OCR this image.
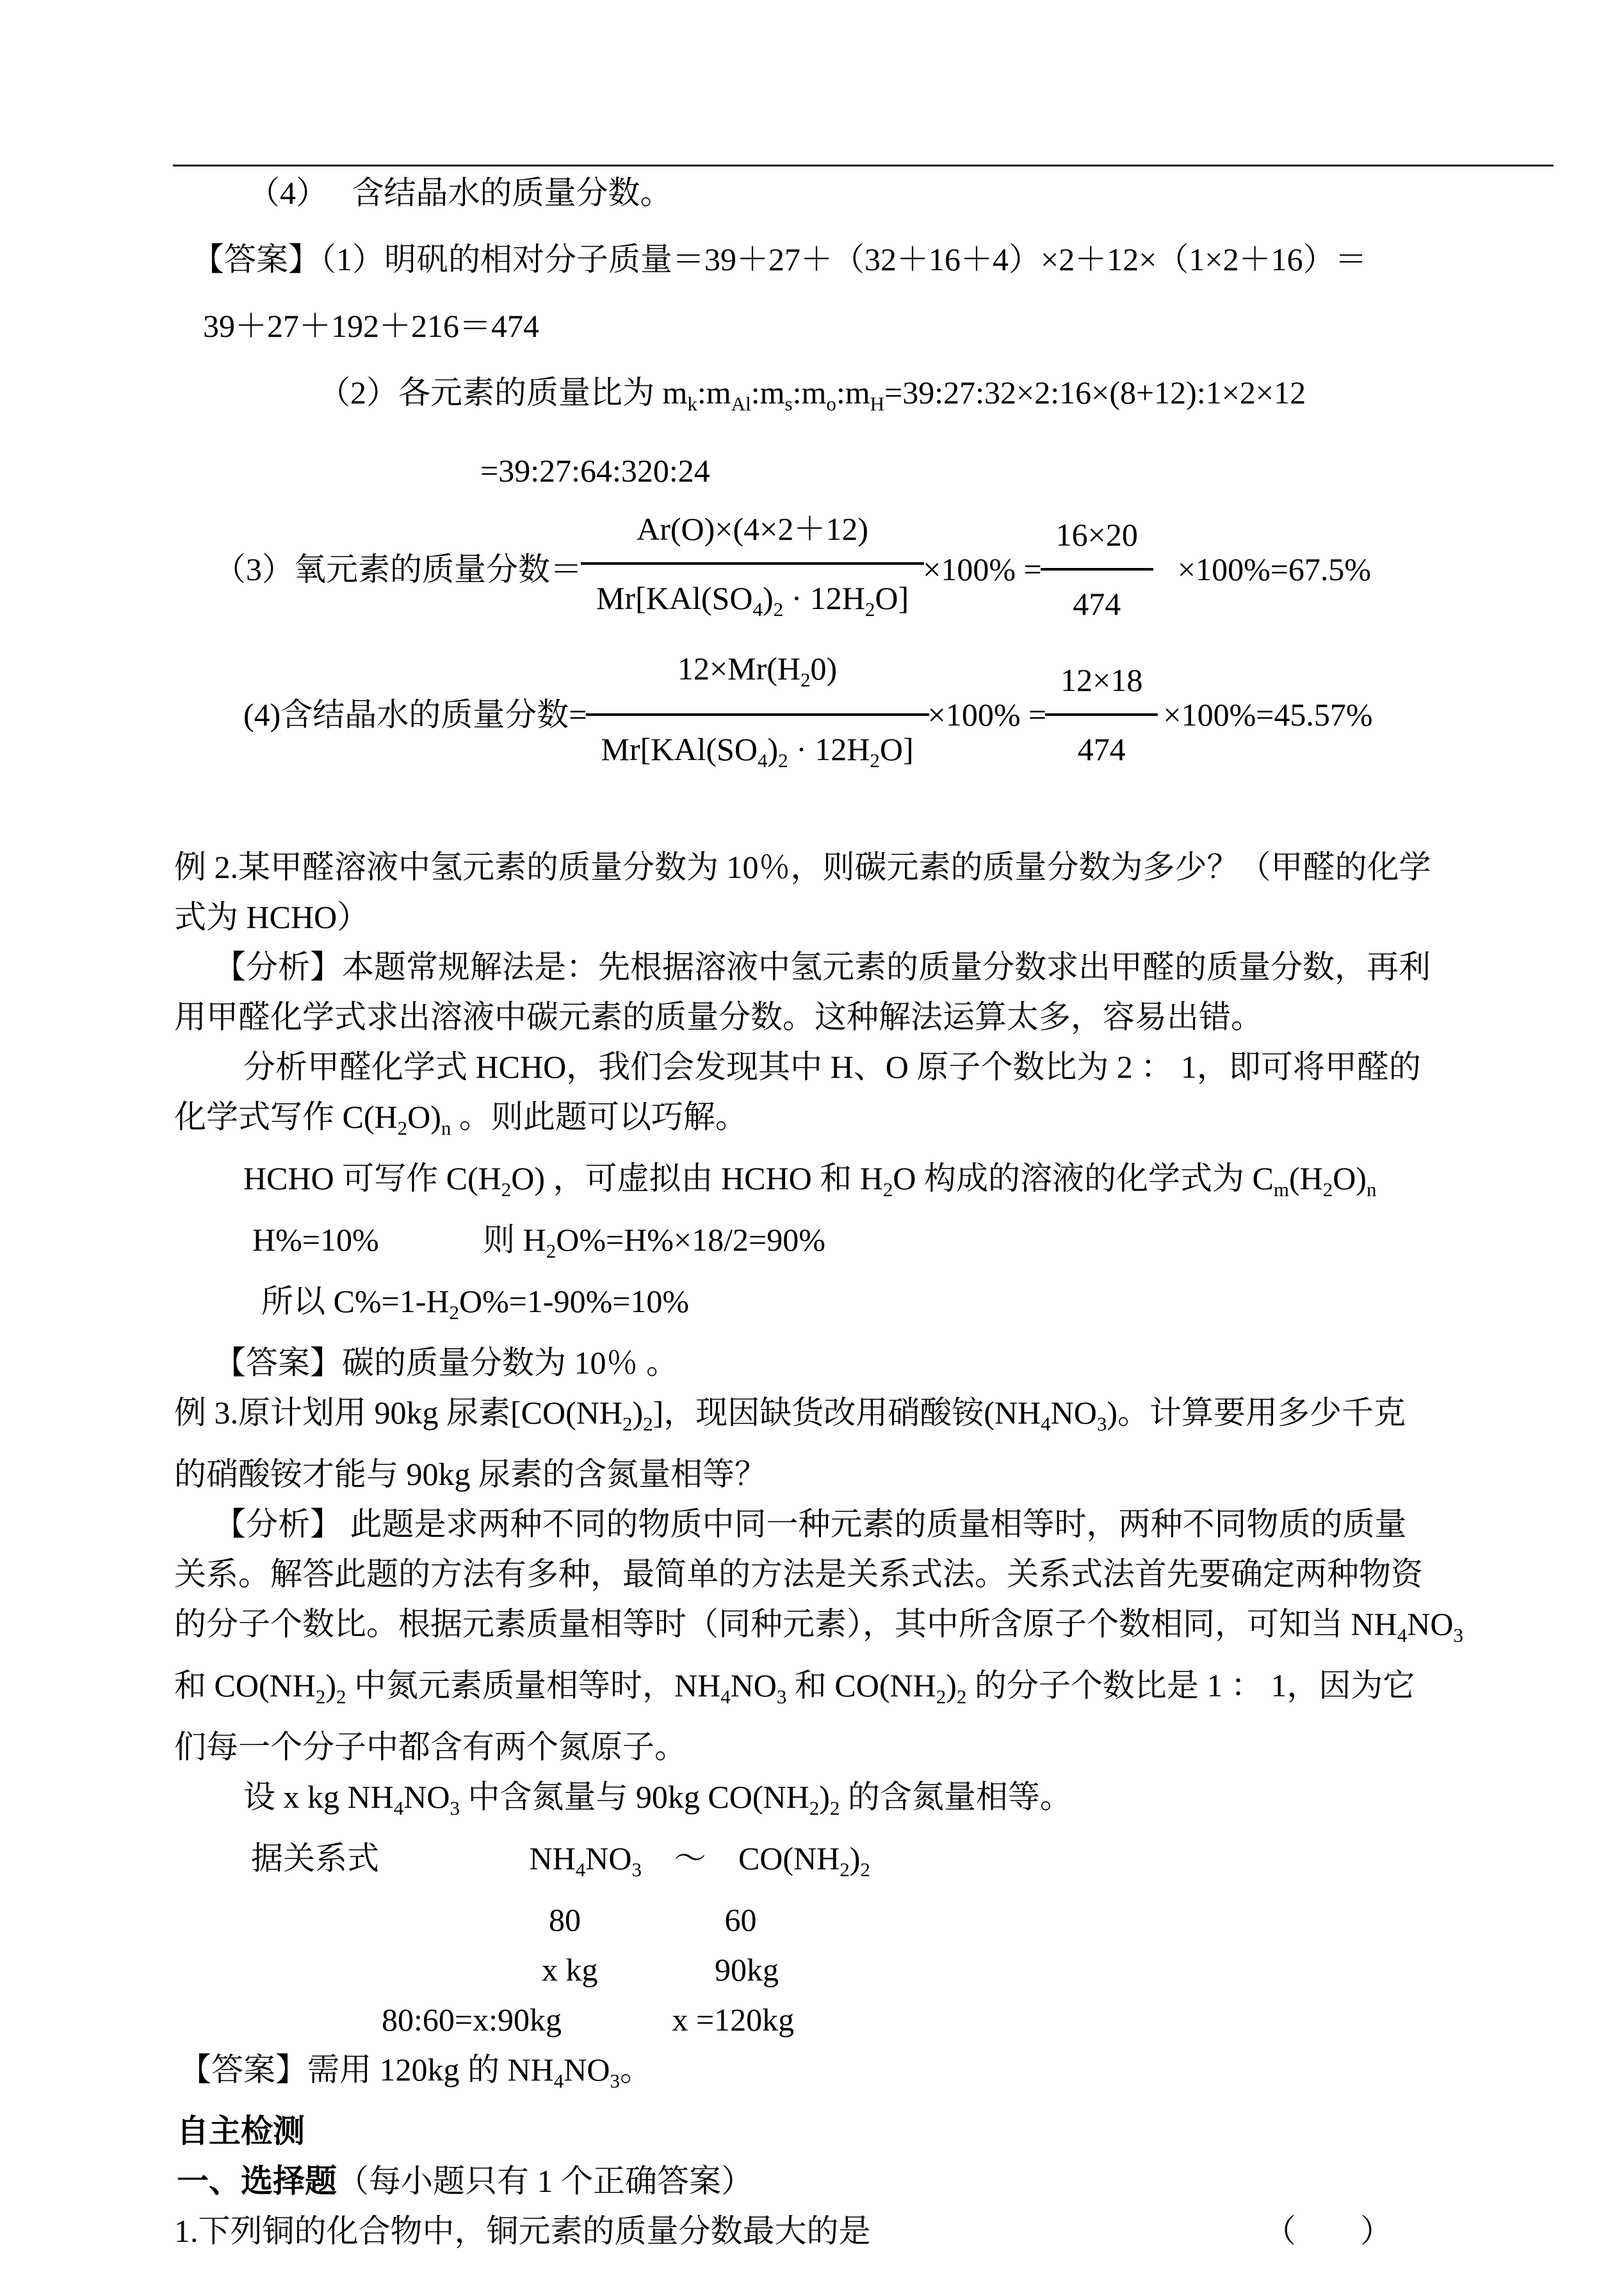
（4）　 含结晶水的质量分数。
【答案】（1）明矾的相对分子质量＝39＋27＋（32＋16＋4）×2＋12×（1×2＋16）＝
39＋27＋192＋216＝474
（2）各元素的质量比为 $m_k:m_{Al}:m_s:m_o:m_H=39:27:32\times 2:16\times(8+12):1\times 2\times 12$
=39:27:64:320:24
（3）氧元素的质量分数＝ $\frac{Ar(O)\times(4\times 2+12)}{Mr[KAl(SO_4)_2 \cdot 12H_2O]} \times 100\% = \frac{16\times 20}{474} \times 100\%=67.5\%$
(4)含结晶水的质量分数= $\frac{12\times Mr(H_20)}{Mr[KAl(SO_4)_2 \cdot 12H_2O]} \times 100\% = \frac{12\times 18}{474} \times 100\%=45.57\%$
例 2.某甲醛溶液中氢元素的质量分数为 10％，则碳元素的质量分数为多少？（甲醛的化学
式为 HCHO）
【分析】本题常规解法是：先根据溶液中氢元素的质量分数求出甲醛的质量分数，再利
用甲醛化学式求出溶液中碳元素的质量分数。这种解法运算太多，容易出错。
分析甲醛化学式 HCHO，我们会发现其中 H、O 原子个数比为 2 ： 1，即可将甲醛的
化学式写作 $C(H_2O)_n$ 。则此题可以巧解。
HCHO 可写作 $C(H_2O)$ ，可虚拟由 HCHO 和 $H_2O$ 构成的溶液的化学式为 $C_m(H_2O)_n$
H%=10%	则 $H_2O\%=H\%\times 18/2=90\%$
所以 $C\%=1-H_2O\%=1-90\%=10\%$
【答案】碳的质量分数为 10％ 。
例 3.原计划用 90kg 尿素$[CO(NH_2)_2]$，现因缺货改用硝酸铵$(NH_4NO_3)$。计算要用多少千克
的硝酸铵才能与 90kg 尿素的含氮量相等？
【分析】 此题是求两种不同的物质中同一种元素的质量相等时，两种不同物质的质量
关系。解答此题的方法有多种，最简单的方法是关系式法。关系式法首先要确定两种物资
的分子个数比。根据元素质量相等时（同种元素），其中所含原子个数相同，可知当 $NH_4NO_3$
和 $CO(NH_2)_2$ 中氮元素质量相等时，$NH_4NO_3$ 和 $CO(NH_2)_2$ 的分子个数比是 1 ： 1，因为它
们每一个分子中都含有两个氮原子。
设 x kg $NH_4NO_3$ 中含氮量与 90kg $CO(NH_2)_2$ 的含氮量相等。
据关系式	$NH_4NO_3$ ～ $CO(NH_2)_2$
80	60
x kg	90kg
80:60=x:90kg	x =120kg
【答案】需用 120kg 的 $NH_4NO_3$。
自主检测
一、选择题（每小题只有 1 个正确答案）
1.下列铜的化合物中，铜元素的质量分数最大的是	（　　）
